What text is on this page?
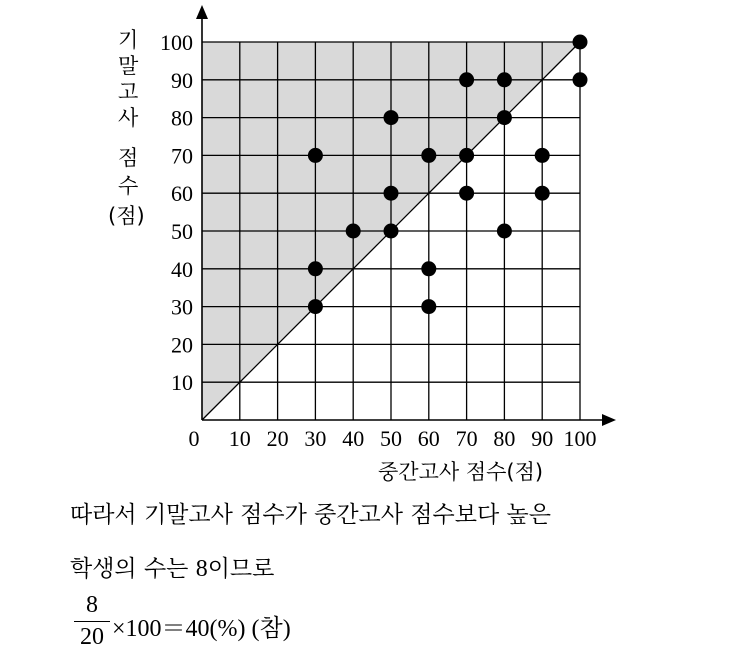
0 10 20 30 40 50 60 70 80 90 100
10
20
30
40
50
60
70
80
90
100
기
말
고
사
점
수
(점)
중간고사 점수(점)
따라서 기말고사 점수가 중간고사 점수보다 높은
학생의 수는 8이므로
8
20 ×100＝40(%) (참)
